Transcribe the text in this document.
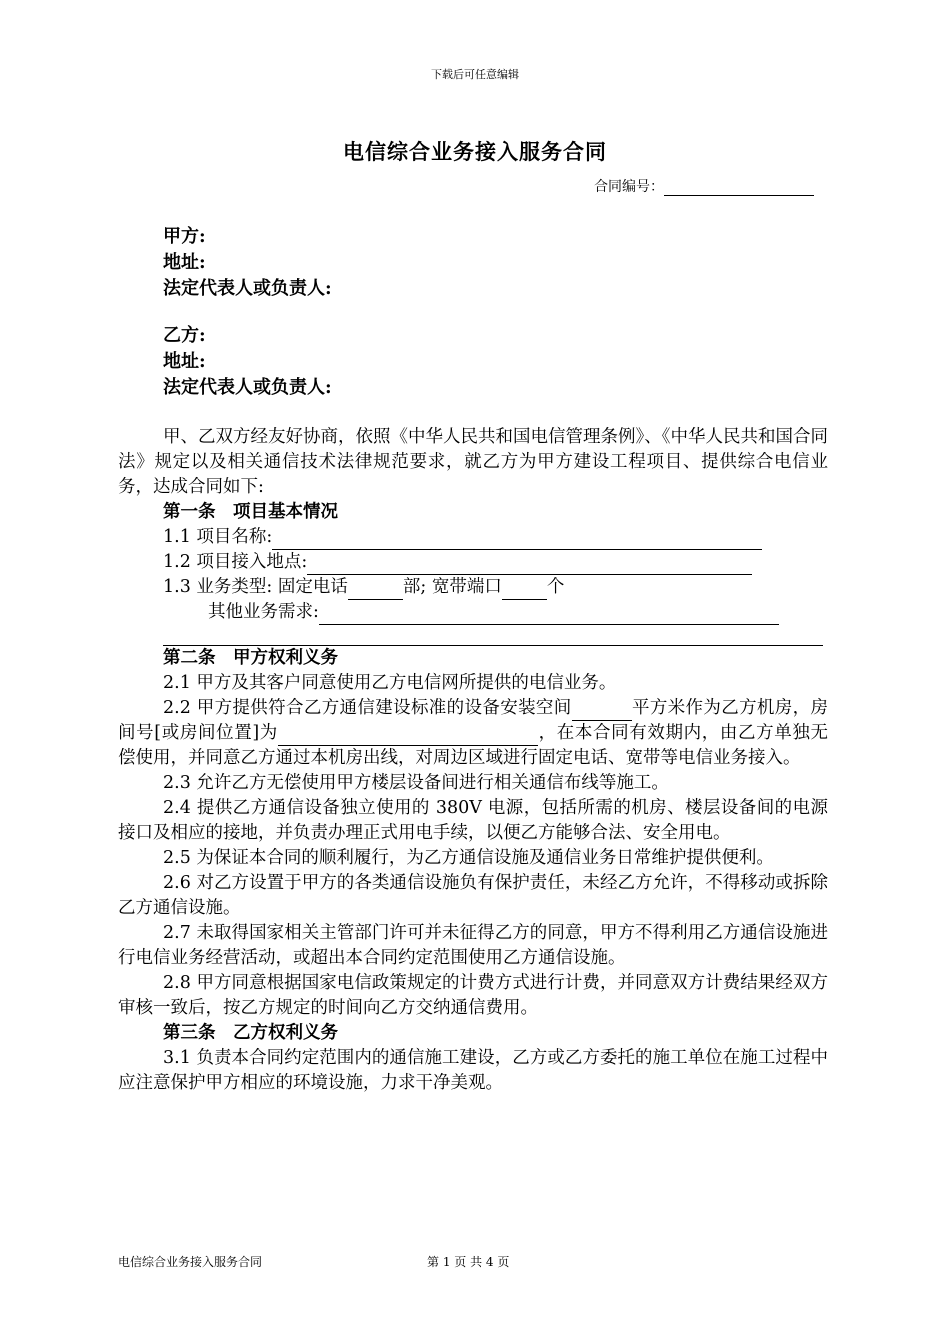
下载后可任意编辑
电信综合业务接入服务合同
合同编号：
甲方:
地址:
法定代表人或负责人:
乙方:
地址:
法定代表人或负责人:

甲、乙双方经友好协商，依照《中华人民共和国电信管理条例》、《中华人民共和国合同法》规定以及相关通信技术法律规范要求，就乙方为甲方建设工程项目、提供综合电信业务，达成合同如下:

第一条　项目基本情况
1.1 项目名称:
1.2 项目接入地点:
1.3 业务类型: 固定电话	部; 宽带端口	个
其他业务需求:
第二条　甲方权利义务

2.1 甲方及其客户同意使用乙方电信网所提供的电信业务。

2.2 甲方提供符合乙方通信建设标准的设备安装空间	平方米作为乙方机房，房间号[或房间位置]为	，在本合同有效期内，由乙方单独无偿使用，并同意乙方通过本机房出线，对周边区域进行固定电话、宽带等电信业务接入。

2.3 允许乙方无偿使用甲方楼层设备间进行相关通信布线等施工。

2.4 提供乙方通信设备独立使用的 380V 电源，包括所需的机房、楼层设备间的电源接口及相应的接地，并负责办理正式用电手续，以便乙方能够合法、安全用电。

2.5 为保证本合同的顺利履行，为乙方通信设施及通信业务日常维护提供便利。

2.6 对乙方设置于甲方的各类通信设施负有保护责任，未经乙方允许，不得移动或拆除乙方通信设施。

2.7 未取得国家相关主管部门许可并未征得乙方的同意，甲方不得利用乙方通信设施进行电信业务经营活动，或超出本合同约定范围使用乙方通信设施。

2.8 甲方同意根据国家电信政策规定的计费方式进行计费，并同意双方计费结果经双方审核一致后，按乙方规定的时间向乙方交纳通信费用。

第三条　乙方权利义务

3.1 负责本合同约定范围内的通信施工建设，乙方或乙方委托的施工单位在施工过程中应注意保护甲方相应的环境设施，力求干净美观。

电信综合业务接入服务合同	第 1 页 共 4 页
